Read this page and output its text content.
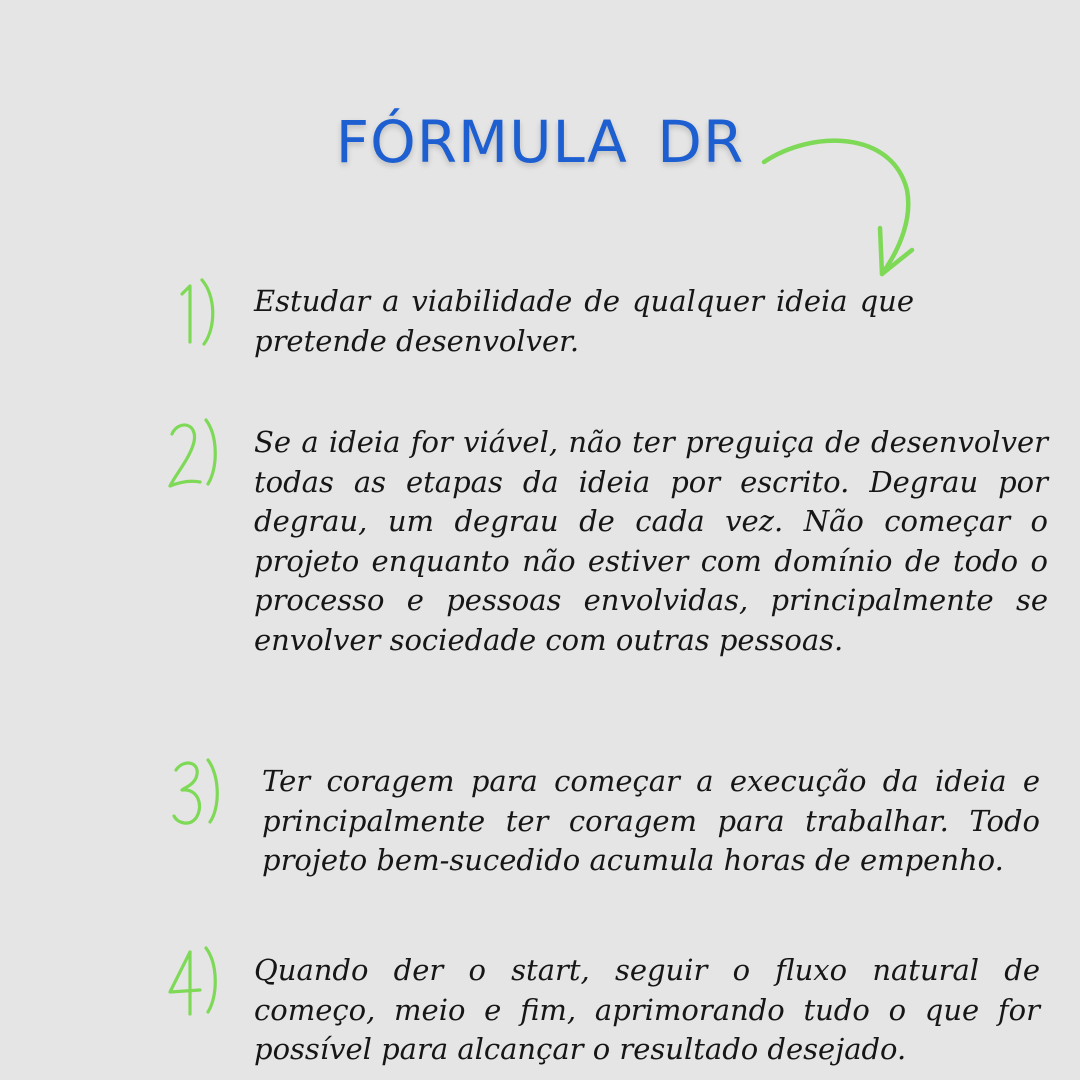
FÓRMULA DR

Estudar a viabilidade de qualquer ideia que pretende desenvolver.

Se a ideia for viável, não ter preguiça de desenvolver todas as etapas da ideia por escrito. Degrau por degrau, um degrau de cada vez. Não começar o projeto enquanto não estiver com domínio de todo o processo e pessoas envolvidas, principalmente se envolver sociedade com outras pessoas.

Ter coragem para começar a execução da ideia e principalmente ter coragem para trabalhar. Todo projeto bem-sucedido acumula horas de empenho.

Quando der o start, seguir o fluxo natural de começo, meio e fim, aprimorando tudo o que for possível para alcançar o resultado desejado.
